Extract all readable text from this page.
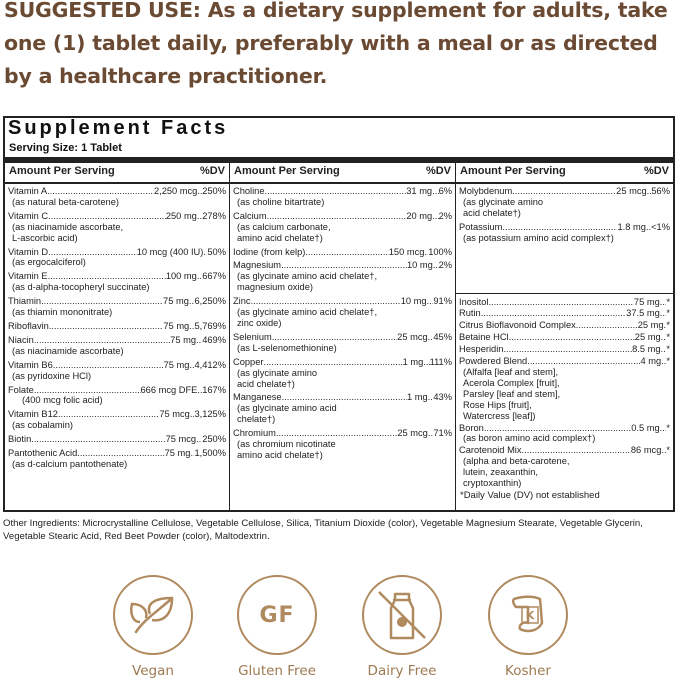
SUGGESTED USE: As a dietary supplement for adults, take one (1) tablet daily, preferably with a meal or as directed by a healthcare practitioner.
Supplement Facts
Serving Size: 1 Tablet
Amount Per Serving	%DV
Vitamin A .....	2,250 mcg ..... 250%
(as natural beta-carotene)
Vitamin C .....	250 mg ..... 278%
(as niacinamide ascorbate,
L-ascorbic acid)
Vitamin D .....	10 mcg (400 IU) ..... 50%
(as ergocalciferol)
Vitamin E .....	100 mg ..... 667%
(as d-alpha-tocopheryl succinate)
Thiamin .....	75 mg ..... 6,250%
(as thiamin mononitrate)
Riboflavin .....	75 mg ..... 5,769%
Niacin .....	75 mg ..... 469%
(as niacinamide ascorbate)
Vitamin B6 .....	75 mg ..... 4,412%
(as pyridoxine HCl)
Folate .....	666 mcg DFE ..... 167%
(400 mcg folic acid)
Vitamin B12 .....	75 mcg ..... 3,125%
(as cobalamin)
Biotin .....	75 mcg ..... 250%
Pantothenic Acid .....	75 mg ..... 1,500%
(as d-calcium pantothenate)
Amount Per Serving	%DV
Choline .....	31 mg ..... 6%
(as choline bitartrate)
Calcium .....	20 mg ..... 2%
(as calcium carbonate,
amino acid chelate†)
Iodine (from kelp) .....	150 mcg ..... 100%
Magnesium .....	10 mg ..... 2%
(as glycinate amino acid chelate†,
magnesium oxide)
Zinc .....	10 mg ..... 91%
(as glycinate amino acid chelate†,
zinc oxide)
Selenium .....	25 mcg ..... 45%
(as L-selenomethionine)
Copper .....	1 mg ..... 111%
(as glycinate amino
acid chelate†)
Manganese .....	1 mg ..... 43%
(as glycinate amino acid
chelate†)
Chromium .....	25 mcg ..... 71%
(as chromium nicotinate
amino acid chelate†)
Amount Per Serving	%DV
Molybdenum .....	25 mcg ..... 56%
(as glycinate amino
acid chelate†)
Potassium .....	1.8 mg ..... <1%
(as potassium amino acid complex†)
Inositol .....	75 mg ..... *
Rutin .....	37.5 mg ..... *
Citrus Bioflavonoid Complex .....	25 mg ..... *
Betaine HCl .....	25 mg ..... *
Hesperidin .....	8.5 mg ..... *
Powdered Blend .....	4 mg ..... *
(Alfalfa [leaf and stem],
Acerola Complex [fruit],
Parsley [leaf and stem],
Rose Hips [fruit],
Watercress [leaf])
Boron .....	0.5 mg ..... *
(as boron amino acid complex†)
Carotenoid Mix .....	86 mcg ..... *
(alpha and beta-carotene,
lutein, zeaxanthin,
cryptoxanthin)
*Daily Value (DV) not established
Other Ingredients: Microcrystalline Cellulose, Vegetable Cellulose, Silica, Titanium Dioxide (color), Vegetable Magnesium Stearate, Vegetable Glycerin, Vegetable Stearic Acid, Red Beet Powder (color), Maltodextrin.
Vegan
GF
Gluten Free	Dairy Free
K
Kosher
